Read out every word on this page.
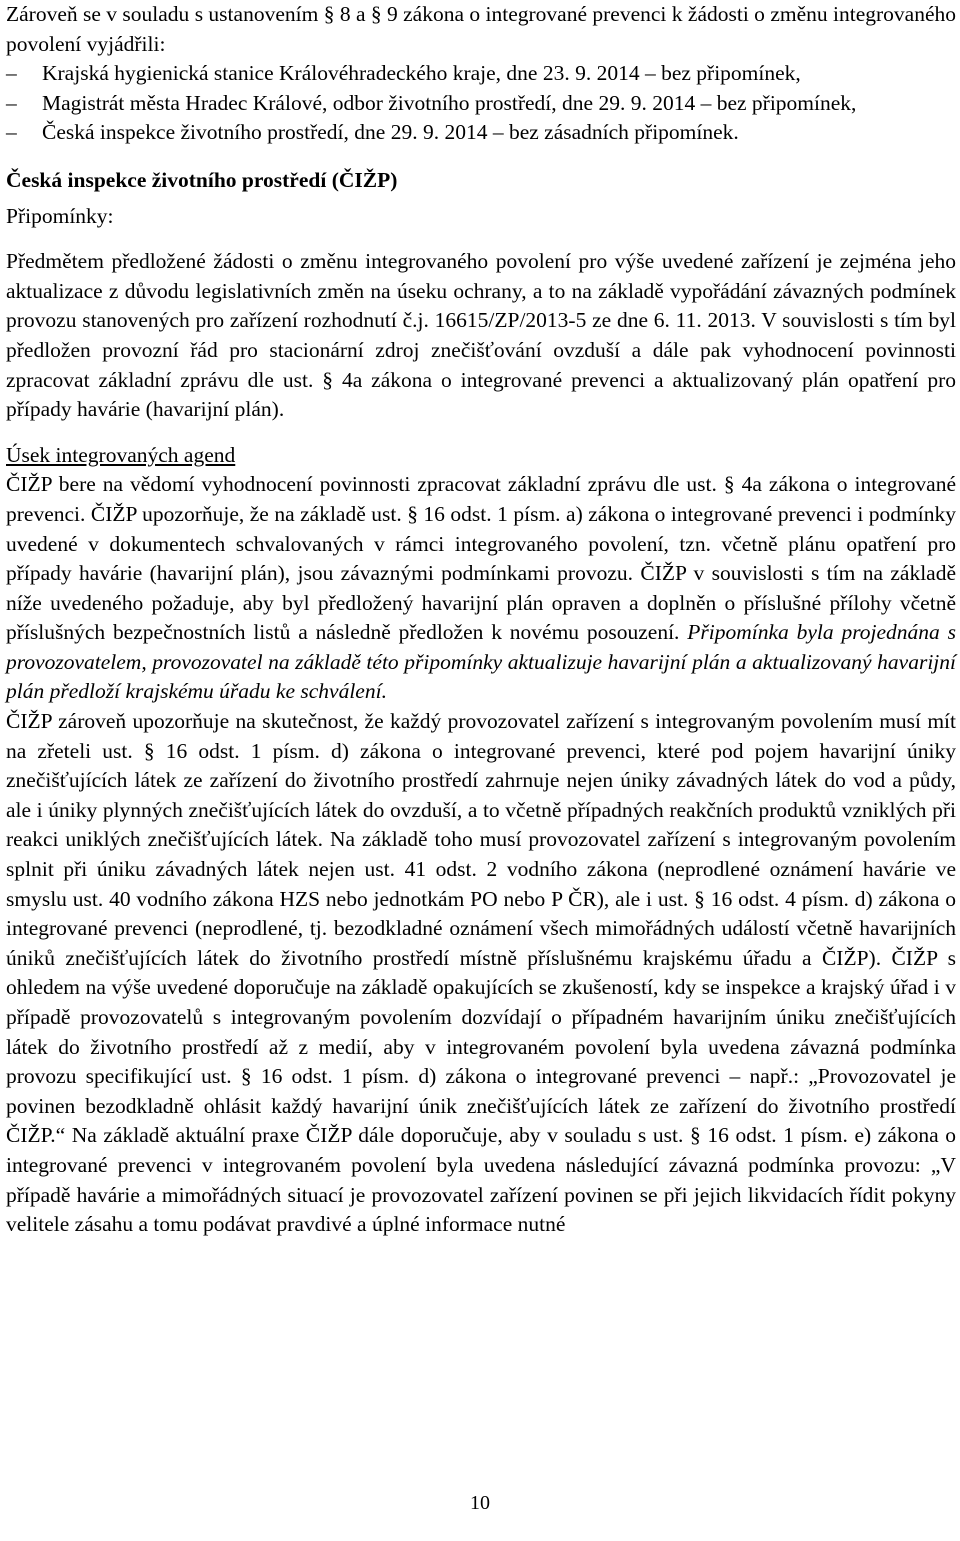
Zároveň se v souladu s ustanovením § 8 a § 9 zákona o integrované prevenci k žádosti o změnu integrovaného povolení vyjádřili:

–	Krajská hygienická stanice Královéhradeckého kraje, dne 23. 9. 2014 – bez připomínek,
–	Magistrát města Hradec Králové, odbor životního prostředí, dne 29. 9. 2014 – bez připomínek,
–	Česká inspekce životního prostředí, dne 29. 9. 2014 – bez zásadních připomínek.

Česká inspekce životního prostředí (ČIŽP)

Připomínky:

Předmětem předložené žádosti o změnu integrovaného povolení pro výše uvedené zařízení je zejména jeho aktualizace z důvodu legislativních změn na úseku ochrany, a to na základě vypořádání závazných podmínek provozu stanovených pro zařízení rozhodnutí č.j. 16615/ZP/2013-5 ze dne 6. 11. 2013. V souvislosti s tím byl předložen provozní řád pro stacionární zdroj znečišťování ovzduší a dále pak vyhodnocení povinnosti zpracovat základní zprávu dle ust. § 4a zákona o integrované prevenci a aktualizovaný plán opatření pro případy havárie (havarijní plán).

Úsek integrovaných agend

ČIŽP bere na vědomí vyhodnocení povinnosti zpracovat základní zprávu dle ust. § 4a zákona o integrované prevenci. ČIŽP upozorňuje, že na základě ust. § 16 odst. 1 písm. a) zákona o integrované prevenci i podmínky uvedené v dokumentech schvalovaných v rámci integrovaného povolení, tzn. včetně plánu opatření pro případy havárie (havarijní plán), jsou závaznými podmínkami provozu. ČIŽP v souvislosti s tím na základě níže uvedeného požaduje, aby byl předložený havarijní plán opraven a doplněn o příslušné přílohy včetně příslušných bezpečnostních listů a následně předložen k novému posouzení. Připomínka byla projednána s provozovatelem, provozovatel na základě této připomínky aktualizuje havarijní plán a aktualizovaný havarijní plán předloží krajskému úřadu ke schválení.

ČIŽP zároveň upozorňuje na skutečnost, že každý provozovatel zařízení s integrovaným povolením musí mít na zřeteli ust. § 16 odst. 1 písm. d) zákona o integrované prevenci, které pod pojem havarijní úniky znečišťujících látek ze zařízení do životního prostředí zahrnuje nejen úniky závadných látek do vod a půdy, ale i úniky plynných znečišťujících látek do ovzduší, a to včetně případných reakčních produktů vzniklých při reakci uniklých znečišťujících látek. Na základě toho musí provozovatel zařízení s integrovaným povolením splnit při úniku závadných látek nejen ust. 41 odst. 2 vodního zákona (neprodlené oznámení havárie ve smyslu ust. 40 vodního zákona HZS nebo jednotkám PO nebo P ČR), ale i ust. § 16 odst. 4 písm. d) zákona o integrované prevenci (neprodlené, tj. bezodkladné oznámení všech mimořádných událostí včetně havarijních úniků znečišťujících látek do životního prostředí místně příslušnému krajskému úřadu a ČIŽP). ČIŽP s ohledem na výše uvedené doporučuje na základě opakujících se zkušeností, kdy se inspekce a krajský úřad i v případě provozovatelů s integrovaným povolením dozvídají o případném havarijním úniku znečišťujících látek do životního prostředí až z medií, aby v integrovaném povolení byla uvedena závazná podmínka provozu specifikující ust. § 16 odst. 1 písm. d) zákona o integrované prevenci – např.: „Provozovatel je povinen bezodkladně ohlásit každý havarijní únik znečišťujících látek ze zařízení do životního prostředí ČIŽP.“ Na základě aktuální praxe ČIŽP dále doporučuje, aby v souladu s ust. § 16 odst. 1 písm. e) zákona o integrované prevenci v integrovaném povolení byla uvedena následující závazná podmínka provozu: „V případě havárie a mimořádných situací je provozovatel zařízení povinen se při jejich likvidacích řídit pokyny velitele zásahu a tomu podávat pravdivé a úplné informace nutné

10
